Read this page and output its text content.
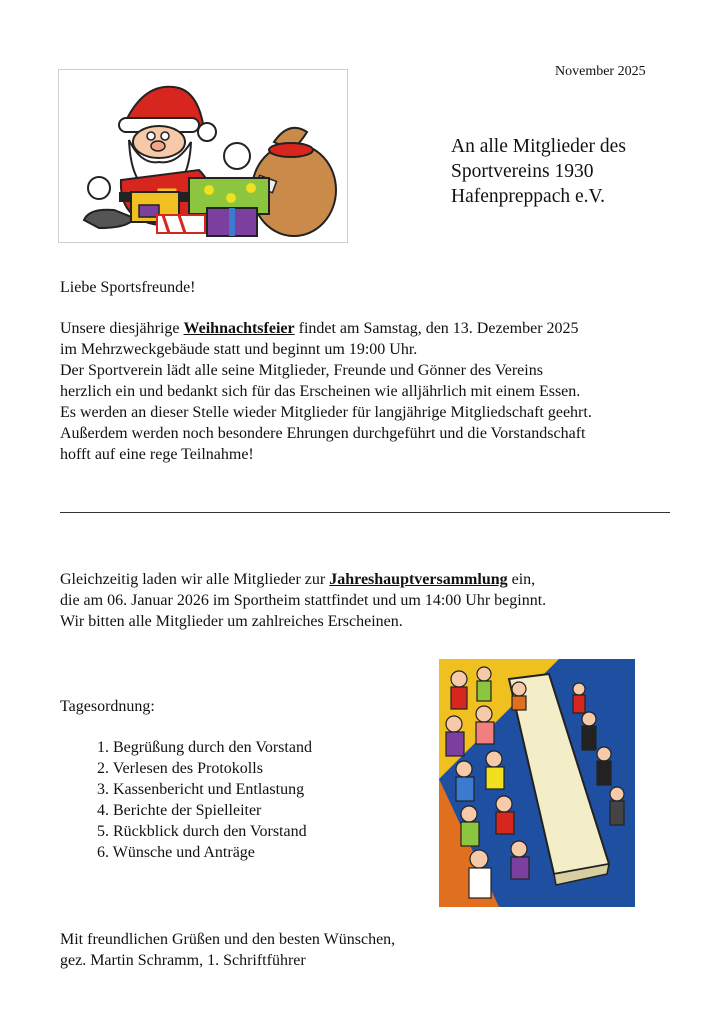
November 2025
An alle Mitglieder des
Sportvereins 1930
Hafenpreppach e.V.
Liebe Sportsfreunde!
Unsere diesjährige Weihnachtsfeier findet am Samstag, den 13. Dezember 2025
im Mehrzweckgebäude statt und beginnt um 19:00 Uhr.
Der Sportverein lädt alle seine Mitglieder, Freunde und Gönner des Vereins
herzlich ein und bedankt sich für das Erscheinen wie alljährlich mit einem Essen.
Es werden an dieser Stelle wieder Mitglieder für langjährige Mitgliedschaft geehrt.
Außerdem werden noch besondere Ehrungen durchgeführt und die Vorstandschaft
hofft auf eine rege Teilnahme!
Gleichzeitig laden wir alle Mitglieder zur Jahreshauptversammlung ein,
die am 06. Januar 2026 im Sportheim stattfindet und um 14:00 Uhr beginnt.
Wir bitten alle Mitglieder um zahlreiches Erscheinen.
Tagesordnung:
1. Begrüßung durch den Vorstand
2. Verlesen des Protokolls
3. Kassenbericht und Entlastung
4. Berichte der Spielleiter
5. Rückblick durch den Vorstand
6. Wünsche und Anträge
Mit freundlichen Grüßen und den besten Wünschen,
gez. Martin Schramm, 1. Schriftführer
